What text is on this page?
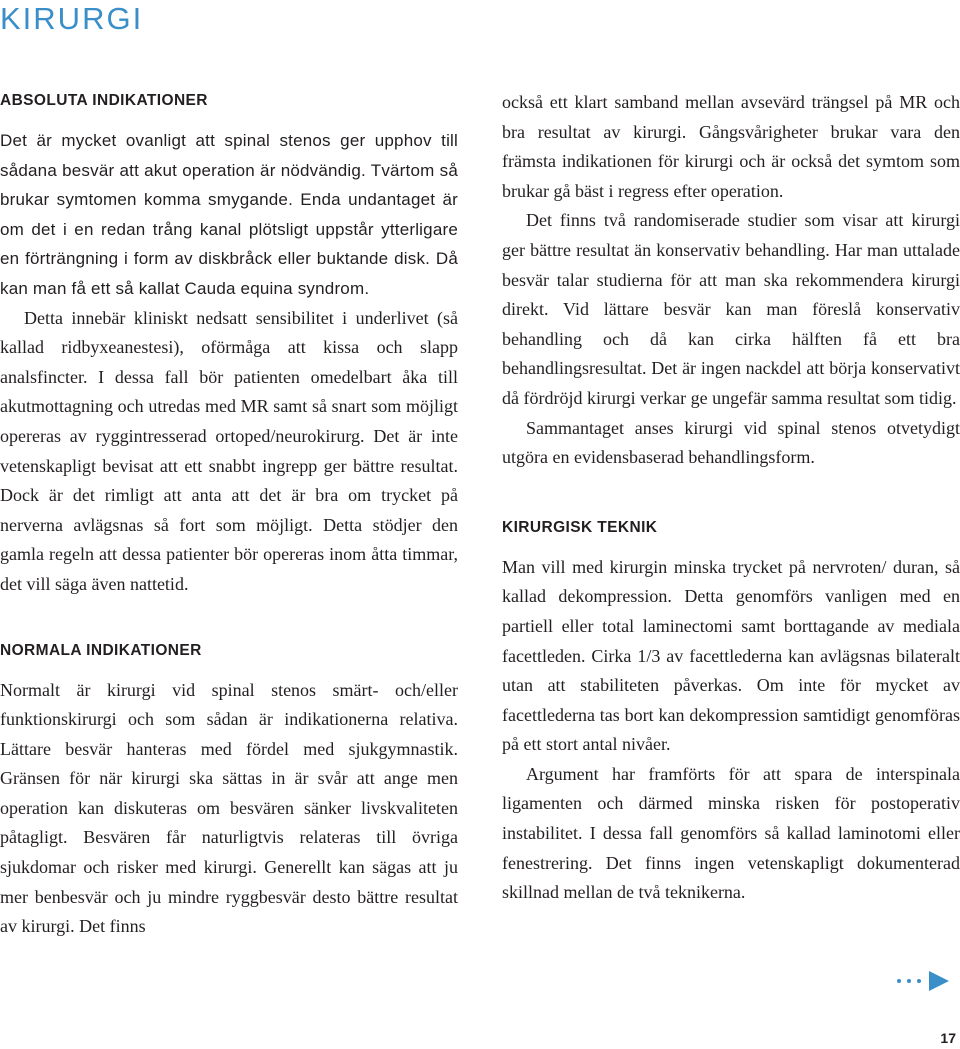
KIRURGI
ABSOLUTA INDIKATIONER

Det är mycket ovanligt att spinal stenos ger upphov till sådana besvär att akut operation är nödvändig. Tvärtom så brukar symtomen komma smygande. Enda undantaget är om det i en redan trång kanal plötsligt uppstår ytterligare en förträngning i form av diskbråck eller buktande disk. Då kan man få ett så kallat Cauda equina syndrom.

Detta innebär kliniskt nedsatt sensibilitet i underlivet (så kallad ridbyxeanestesi), oförmåga att kissa och slapp analsfincter. I dessa fall bör patienten omedelbart åka till akutmottagning och utredas med MR samt så snart som möjligt opereras av ryggintresserad ortoped/neurokirurg. Det är inte vetenskapligt bevisat att ett snabbt ingrepp ger bättre resultat. Dock är det rimligt att anta att det är bra om trycket på nerverna avlägsnas så fort som möjligt. Detta stödjer den gamla regeln att dessa patienter bör opereras inom åtta timmar, det vill säga även nattetid.

NORMALA INDIKATIONER

Normalt är kirurgi vid spinal stenos smärt- och/eller funktionskirurgi och som sådan är indikationerna relativa. Lättare besvär hanteras med fördel med sjukgymnastik. Gränsen för när kirurgi ska sättas in är svår att ange men operation kan diskuteras om besvären sänker livskvaliteten påtagligt. Besvären får naturligtvis relateras till övriga sjukdomar och risker med kirurgi. Generellt kan sägas att ju mer benbesvär och ju mindre ryggbesvär desto bättre resultat av kirurgi. Det finns

också ett klart samband mellan avsevärd trängsel på MR och bra resultat av kirurgi. Gångsvårigheter brukar vara den främsta indikationen för kirurgi och är också det symtom som brukar gå bäst i regress efter operation.

Det finns två randomiserade studier som visar att kirurgi ger bättre resultat än konservativ behandling. Har man uttalade besvär talar studierna för att man ska rekommendera kirurgi direkt. Vid lättare besvär kan man föreslå konservativ behandling och då kan cirka hälften få ett bra behandlingsresultat. Det är ingen nackdel att börja konservativt då fördröjd kirurgi verkar ge ungefär samma resultat som tidig.

Sammantaget anses kirurgi vid spinal stenos otvetydigt utgöra en evidensbaserad behandlingsform.

KIRURGISK TEKNIK

Man vill med kirurgin minska trycket på nervroten/ duran, så kallad dekompression. Detta genomförs vanligen med en partiell eller total laminectomi samt borttagande av mediala facettleden. Cirka 1/3 av facettlederna kan avlägsnas bilateralt utan att stabiliteten påverkas. Om inte för mycket av facettlederna tas bort kan dekompression samtidigt genomföras på ett stort antal nivåer.

Argument har framförts för att spara de interspinala ligamenten och därmed minska risken för postoperativ instabilitet. I dessa fall genomförs så kallad laminotomi eller fenestrering. Det finns ingen vetenskapligt dokumenterad skillnad mellan de två teknikerna.

17
